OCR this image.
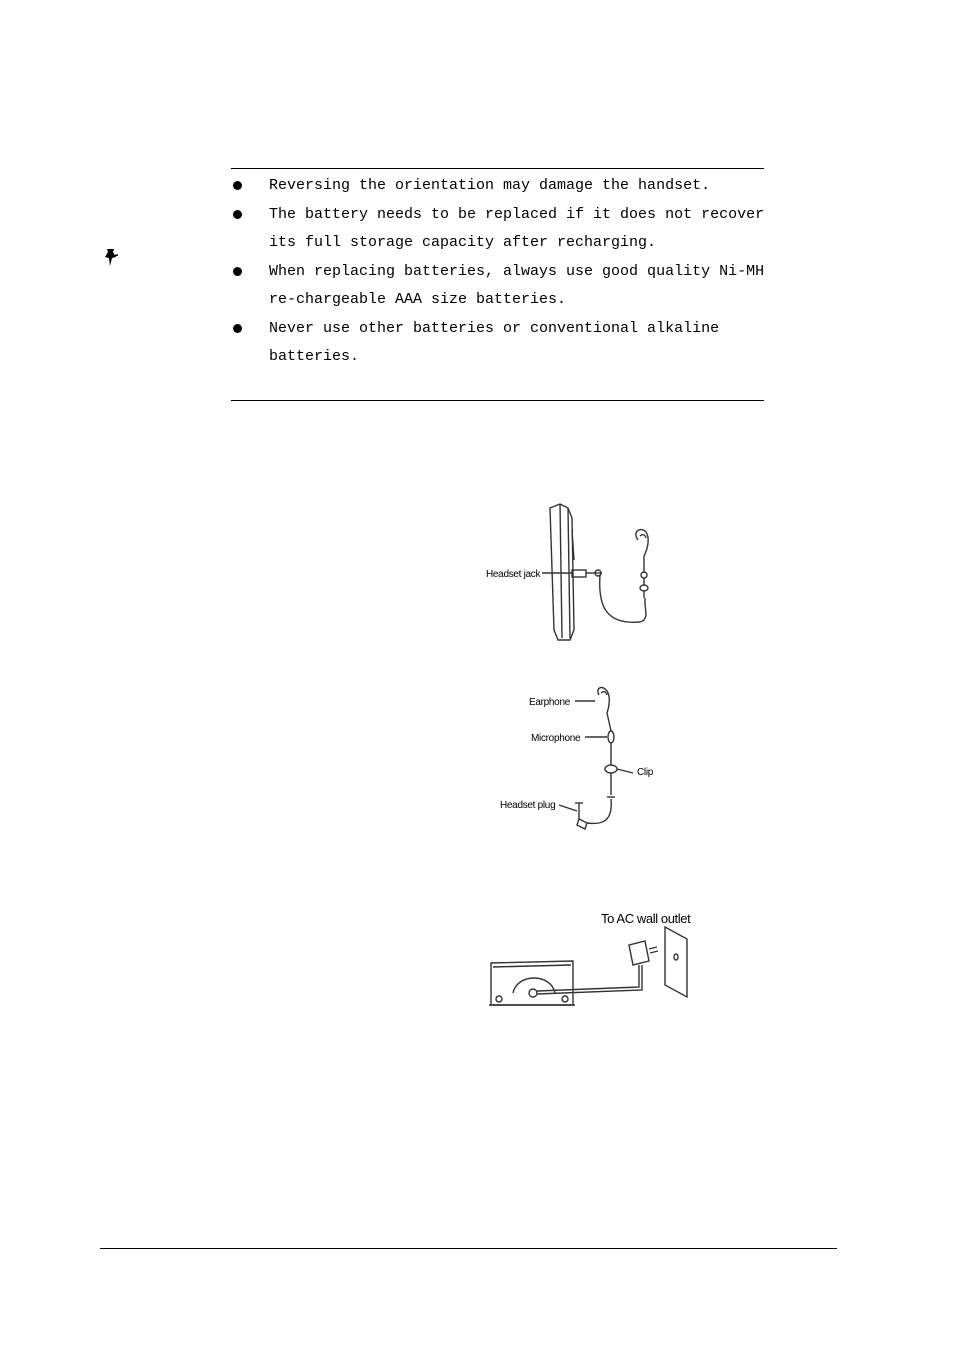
Reversing the orientation may damage the handset.
The battery needs to be replaced if it does not recover its full storage capacity after recharging.
When replacing batteries, always use good quality Ni-MH re-chargeable AAA size batteries.
Never use other batteries or conventional alkaline batteries.
Headset jack
Earphone
Microphone
Clip
Headset plug
To AC wall outlet
